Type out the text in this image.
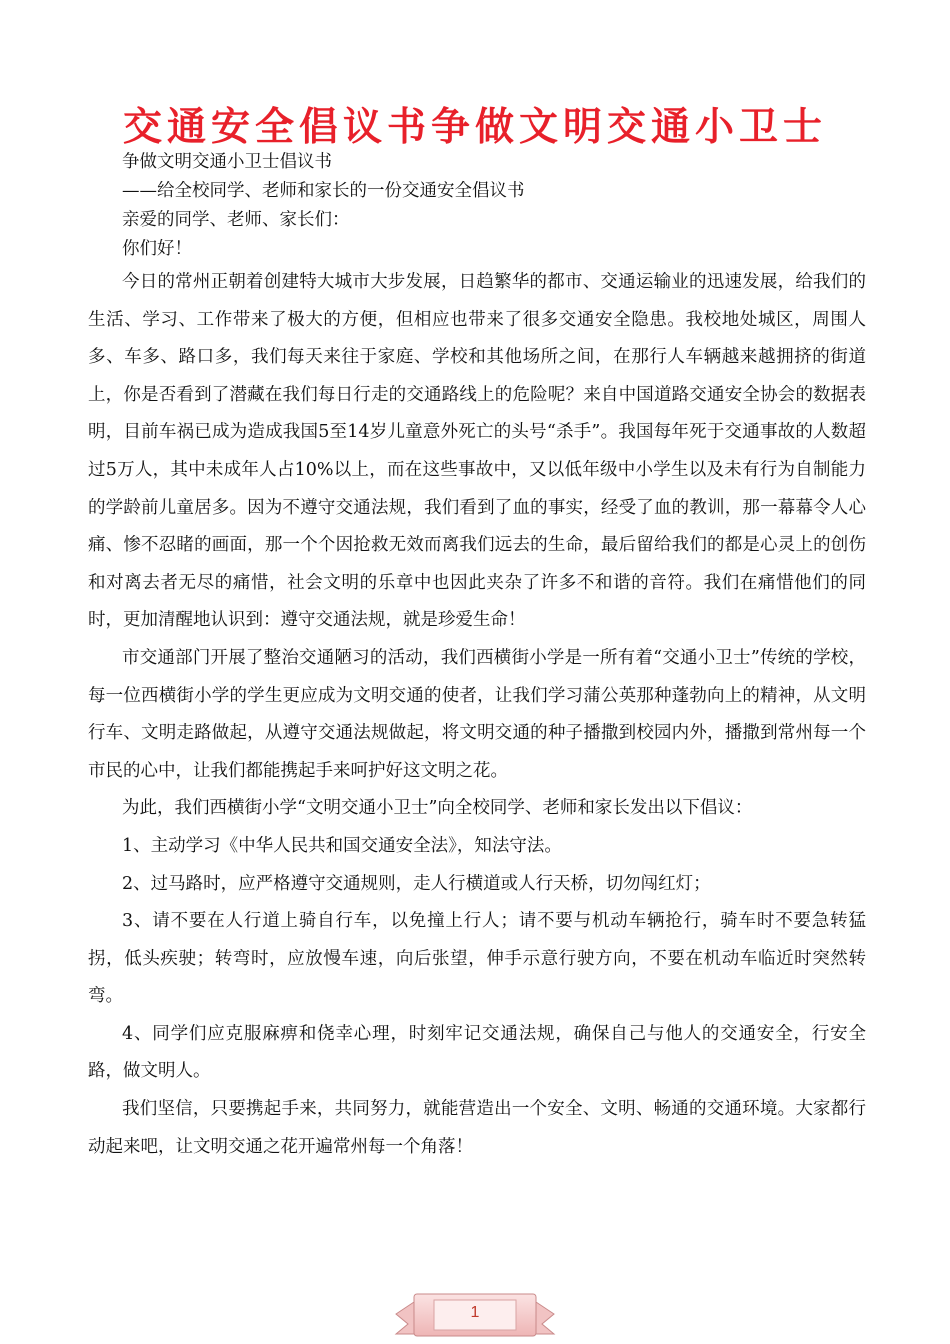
交通安全倡议书争做文明交通小卫士
争做文明交通小卫士倡议书
——给全校同学、老师和家长的一份交通安全倡议书
亲爱的同学、老师、家长们：
你们好！

今日的常州正朝着创建特大城市大步发展，日趋繁华的都市、交通运输业的迅速发展，给我们的生活、学习、工作带来了极大的方便，但相应也带来了很多交通安全隐患。我校地处城区，周围人多、车多、路口多，我们每天来往于家庭、学校和其他场所之间，在那行人车辆越来越拥挤的街道上，你是否看到了潜藏在我们每日行走的交通路线上的危险呢？来自中国道路交通安全协会的数据表明，目前车祸已成为造成我国5至14岁儿童意外死亡的头号“杀手”。我国每年死于交通事故的人数超过5万人，其中未成年人占10%以上，而在这些事故中，又以低年级中小学生以及未有行为自制能力的学龄前儿童居多。因为不遵守交通法规，我们看到了血的事实，经受了血的教训，那一幕幕令人心痛、惨不忍睹的画面，那一个个因抢救无效而离我们远去的生命，最后留给我们的都是心灵上的创伤和对离去者无尽的痛惜，社会文明的乐章中也因此夹杂了许多不和谐的音符。我们在痛惜他们的同时，更加清醒地认识到：遵守交通法规，就是珍爱生命！

市交通部门开展了整治交通陋习的活动，我们西横街小学是一所有着“交通小卫士”传统的学校，每一位西横街小学的学生更应成为文明交通的使者，让我们学习蒲公英那种蓬勃向上的精神，从文明行车、文明走路做起，从遵守交通法规做起，将文明交通的种子播撒到校园内外，播撒到常州每一个市民的心中，让我们都能携起手来呵护好这文明之花。

为此，我们西横街小学“文明交通小卫士”向全校同学、老师和家长发出以下倡议：

1、主动学习《中华人民共和国交通安全法》，知法守法。

2、过马路时，应严格遵守交通规则，走人行横道或人行天桥，切勿闯红灯；

3、请不要在人行道上骑自行车，以免撞上行人；请不要与机动车辆抢行，骑车时不要急转猛拐，低头疾驶；转弯时，应放慢车速，向后张望，伸手示意行驶方向，不要在机动车临近时突然转弯。

4、同学们应克服麻痹和侥幸心理，时刻牢记交通法规，确保自己与他人的交通安全，行安全路，做文明人。

我们坚信，只要携起手来，共同努力，就能营造出一个安全、文明、畅通的交通环境。大家都行动起来吧，让文明交通之花开遍常州每一个角落！

1
